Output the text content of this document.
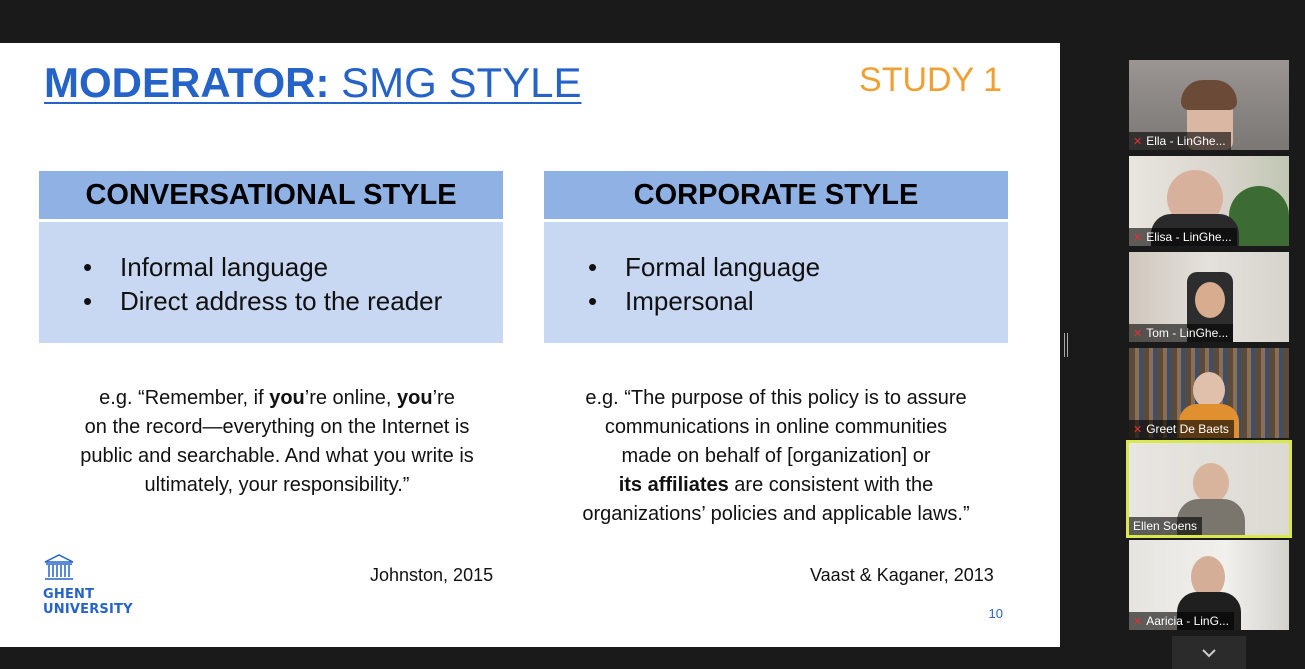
MODERATOR: SMG STYLE	STUDY 1
CONVERSATIONAL STYLE
• Informal language
• Direct address to the reader
CORPORATE STYLE
• Formal language
• Impersonal
e.g. “Remember, if you’re online, you’re
on the record—everything on the Internet is
public and searchable. And what you write is
ultimately, your responsibility.”
e.g. “The purpose of this policy is to assure
communications in online communities
made on behalf of [organization] or
its affiliates are consistent with the
organizations’ policies and applicable laws.”
Johnston, 2015	Vaast & Kaganer, 2013
10
GHENT
UNIVERSITY
✕ Ella - LinGhe...
✕ Elisa - LinGhe...
✕ Tom - LinGhe...
✕ Greet De Baets
Ellen Soens
✕ Aaricia - LinG...
